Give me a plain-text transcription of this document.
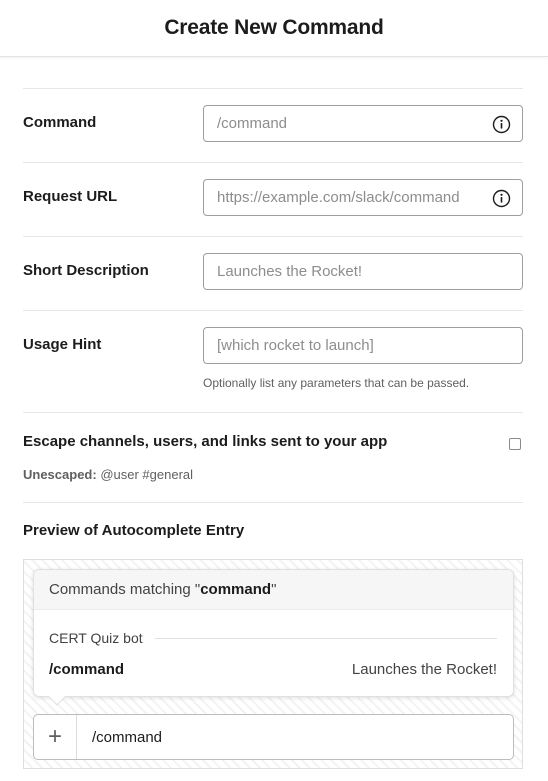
Create New Command
Command	/command
Request URL	https://example.com/slack/command
Short Description	Launches the Rocket!
Usage Hint	[which rocket to launch]
Optionally list any parameters that can be passed.
Escape channels, users, and links sent to your app
Unescaped: @user #general
Preview of Autocomplete Entry
Commands matching " command "
CERT Quiz bot
/command	Launches the Rocket!
+	/command
